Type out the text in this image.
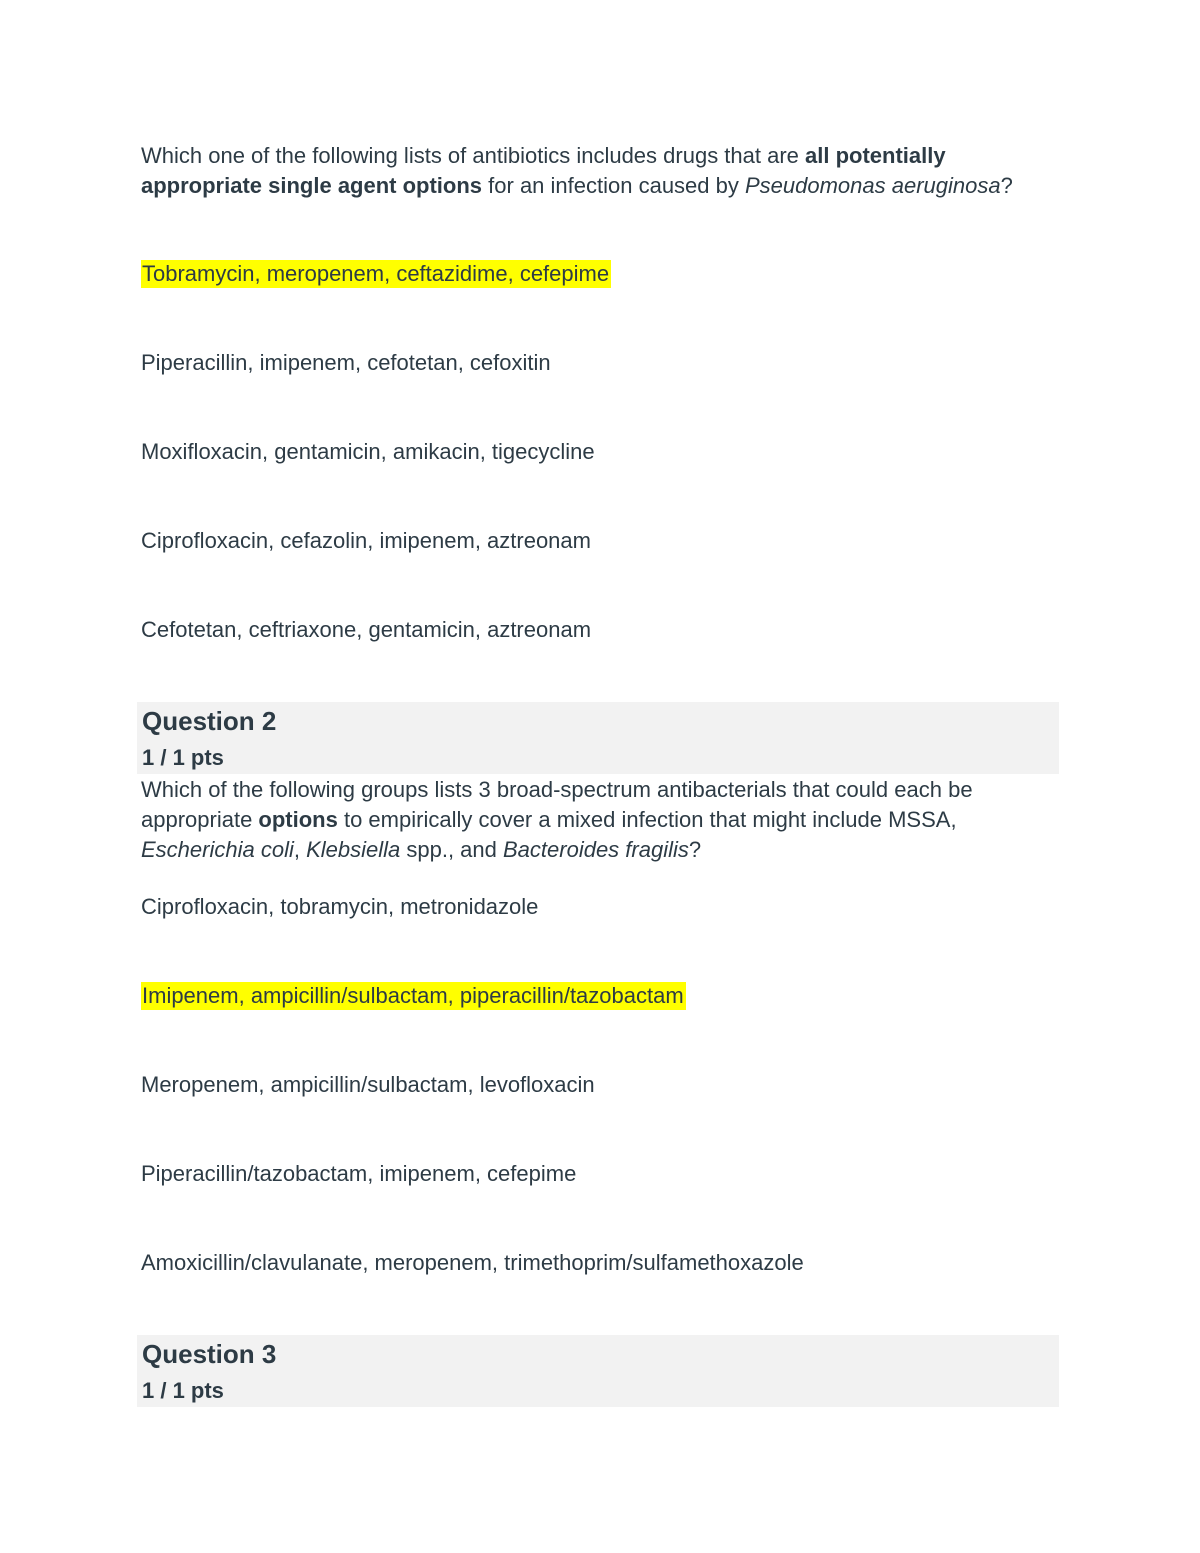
Which one of the following lists of antibiotics includes drugs that are all potentially appropriate single agent options for an infection caused by Pseudomonas aeruginosa?
Tobramycin, meropenem, ceftazidime, cefepime
Piperacillin, imipenem, cefotetan, cefoxitin
Moxifloxacin, gentamicin, amikacin, tigecycline
Ciprofloxacin, cefazolin, imipenem, aztreonam
Cefotetan, ceftriaxone, gentamicin, aztreonam
Question 2
1 / 1 pts
Which of the following groups lists 3 broad-spectrum antibacterials that could each be appropriate options to empirically cover a mixed infection that might include MSSA, Escherichia coli, Klebsiella spp., and Bacteroides fragilis?
Ciprofloxacin, tobramycin, metronidazole
Imipenem, ampicillin/sulbactam, piperacillin/tazobactam
Meropenem, ampicillin/sulbactam, levofloxacin
Piperacillin/tazobactam, imipenem, cefepime
Amoxicillin/clavulanate, meropenem, trimethoprim/sulfamethoxazole
Question 3
1 / 1 pts
